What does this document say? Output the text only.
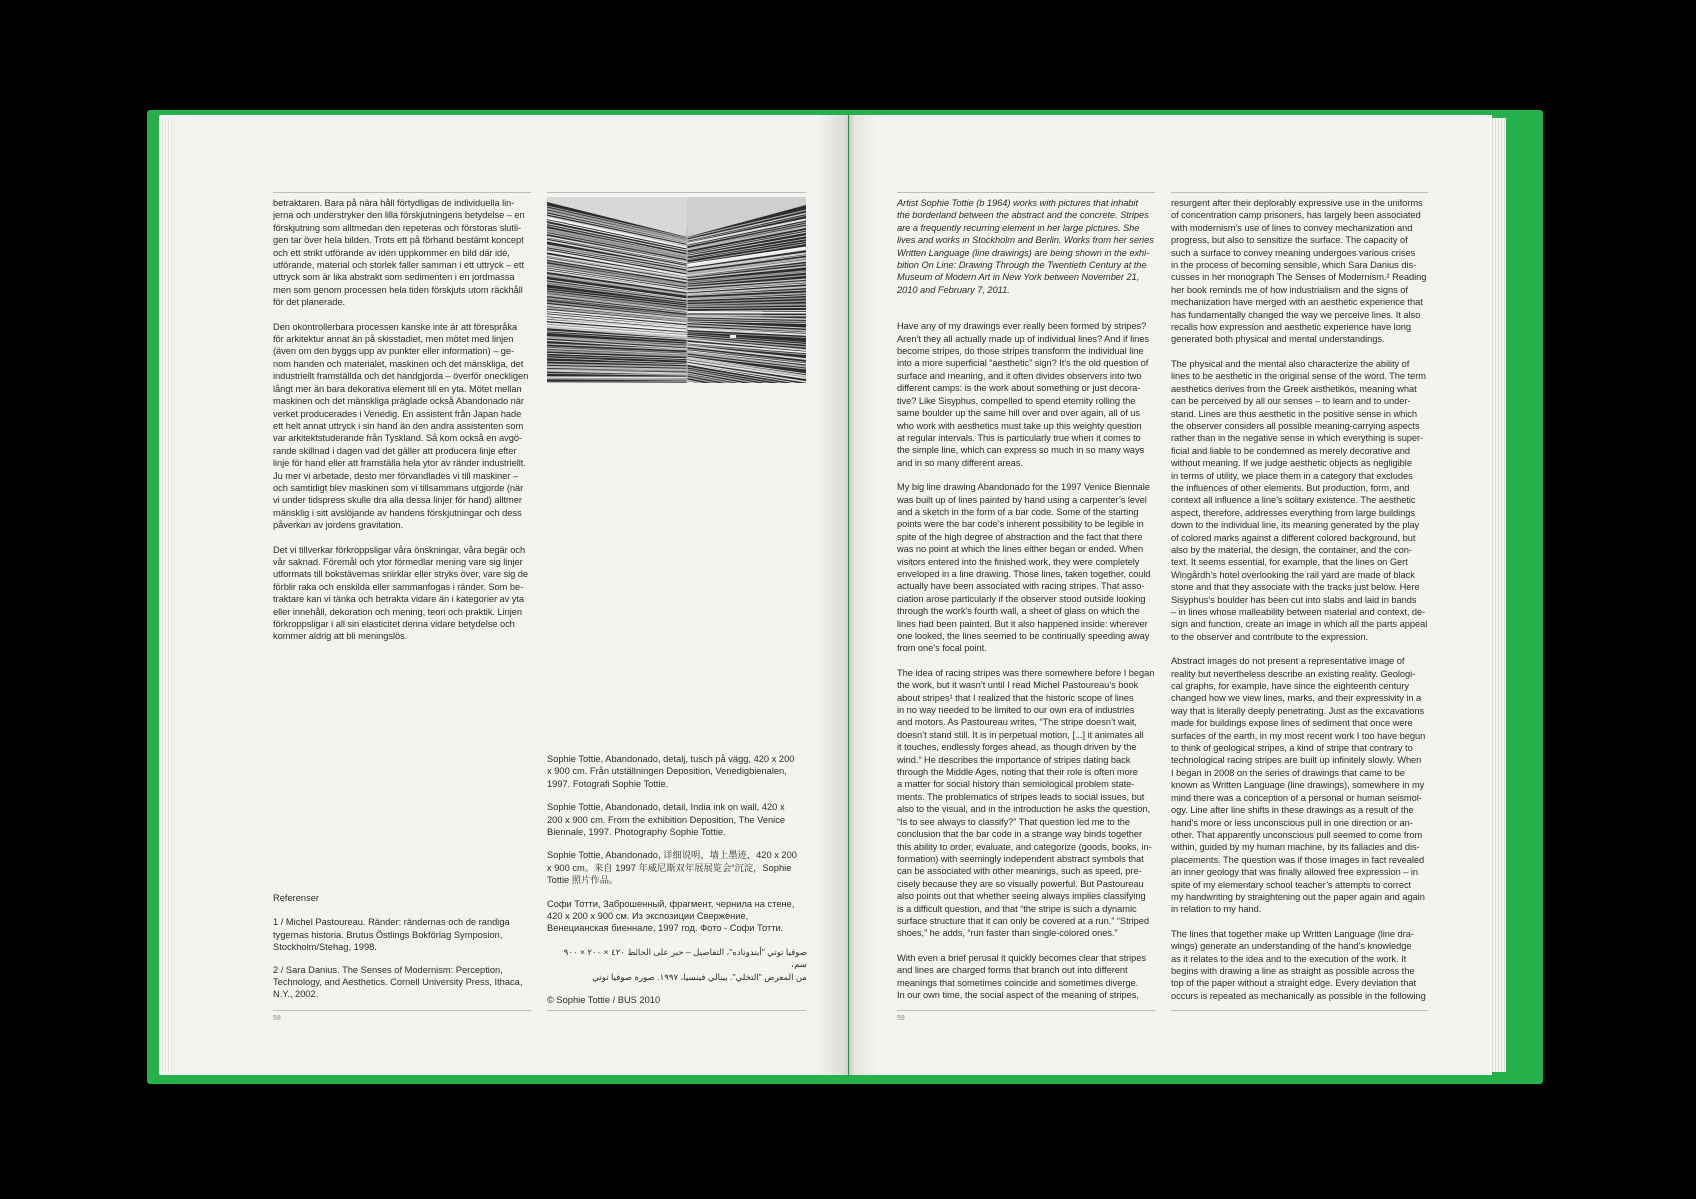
betraktaren. Bara på nära håll förtydligas de individuella lin-
jerna och understryker den lilla förskjutningens betydelse – en
förskjutning som alltmedan den repeteras och förstoras slutli-
gen tar över hela bilden. Trots ett på förhand bestämt koncept
och ett strikt utförande av idén uppkommer en bild där idé,
utförande, material och storlek faller samman i ett uttryck – ett
uttryck som är lika abstrakt som sedimenten i en jordmassa
men som genom processen hela tiden förskjuts utom räckhåll
för det planerade.

Den okontrollerbara processen kanske inte är att förespråka
för arkitektur annat än på skisstadiet, men mötet med linjen
(även om den byggs upp av punkter eller information) – ge-
nom handen och materialet, maskinen och det mänskliga, det
industriellt framställda och det handgjorda – överför oneckligen
långt mer än bara dekorativa element till en yta. Mötet mellan
maskinen och det mänskliga präglade också Abandonado när
verket producerades i Venedig. En assistent från Japan hade
ett helt annat uttryck i sin hand än den andra assistenten som
var arkitektstuderande från Tyskland. Så kom också en avgö-
rande skillnad i dagen vad det gäller att producera linje efter
linje för hand eller att framställa hela ytor av ränder industriellt.
Ju mer vi arbetade, desto mer förvandlades vi till maskiner –
och samtidigt blev maskinen som vi tillsammans utgjorde (när
vi under tidspress skulle dra alla dessa linjer för hand) alltmer
mänsklig i sitt avslöjande av handens förskjutningar och dess
påverkan av jordens gravitation.

Det vi tillverkar förkroppsligar våra önskningar, våra begär och
vår saknad. Föremål och ytor förmedlar mening vare sig linjer
utformats till bokstävernas snirklar eller stryks över, vare sig de
förblir raka och enskilda eller sammanfogas i ränder. Som be-
traktare kan vi tänka och betrakta vidare än i kategorier av yta
eller innehåll, dekoration och mening, teori och praktik. Linjen
förkroppsligar i all sin elasticitet denna vidare betydelse och
kommer aldrig att bli meningslös.

Sophie Tottie, Abandonado, detalj, tusch på vägg, 420 x 200
x 900 cm. Från utställningen Deposition, Venedigbienalen,
1997. Fotografi Sophie Tottie.

Sophie Tottie, Abandonado, detail, India ink on wall, 420 x
200 x 900 cm. From the exhibition Deposition, The Venice
Biennale, 1997. Photography Sophie Tottie.

Sophie Tottie, Abandonado, 详细说明，墙上墨迹，420 x 200
x 900 cm。来自 1997 年威尼斯双年展展览会“沉淀，Sophie
Tottie 照片作品。

Софи Тотти, Заброшенный, фрагмент, чернила на стене,
420 x 200 x 900 см. Из экспозиции Свержение,
Венецианская биеннале, 1997 год. Фото - Софи Тотти.

صوفيا توتي "أبندوناده"، التفاصيل – حبر على الحائط ٤٢٠ × ٢٠٠ × ٩٠٠ سم،
من المعرض "التخلي". بينالي فينسيا، ١٩٩٧. صورة صوفيا توتي

© Sophie Tottie / BUS 2010

Referenser

1 / Michel Pastoureau. Ränder: rändernas och de randiga
tygernas historia. Brutus Östlings Bokförlag Symposion,
Stockholm/Stehag, 1998.

2 / Sara Danius. The Senses of Modernism: Perception,
Technology, and Aesthetics. Cornell University Press, Ithaca,
N.Y., 2002.

58	59

Artist Sophie Tottie (b 1964) works with pictures that inhabit
the borderland between the abstract and the concrete. Stripes
are a frequently recurring element in her large pictures. She
lives and works in Stockholm and Berlin. Works from her series
Written Language (line drawings) are being shown in the exhi-
bition On Line: Drawing Through the Twentieth Century at the
Museum of Modern Art in New York between November 21,
2010 and February 7, 2011.

Have any of my drawings ever really been formed by stripes?
Aren’t they all actually made up of individual lines? And if lines
become stripes, do those stripes transform the individual line
into a more superficial “aesthetic” sign? It’s the old question of
surface and meaning, and it often divides observers into two
different camps: is the work about something or just decora-
tive? Like Sisyphus, compelled to spend eternity rolling the
same boulder up the same hill over and over again, all of us
who work with aesthetics must take up this weighty question
at regular intervals. This is particularly true when it comes to
the simple line, which can express so much in so many ways
and in so many different areas.

My big line drawing Abandonado for the 1997 Venice Biennale
was built up of lines painted by hand using a carpenter’s level
and a sketch in the form of a bar code. Some of the starting
points were the bar code’s inherent possibility to be legible in
spite of the high degree of abstraction and the fact that there
was no point at which the lines either began or ended. When
visitors entered into the finished work, they were completely
enveloped in a line drawing. Those lines, taken together, could
actually have been associated with racing stripes. That asso-
ciation arose particularly if the observer stood outside looking
through the work’s fourth wall, a sheet of glass on which the
lines had been painted. But it also happened inside: wherever
one looked, the lines seemed to be continually speeding away
from one’s focal point.

The idea of racing stripes was there somewhere before I began
the work, but it wasn’t until I read Michel Pastoureau’s book
about stripes¹ that I realized that the historic scope of lines
in no way needed to be limited to our own era of industries
and motors. As Pastoureau writes, “The stripe doesn’t wait,
doesn’t stand still. It is in perpetual motion, [...] it animates all
it touches, endlessly forges ahead, as though driven by the
wind.” He describes the importance of stripes dating back
through the Middle Ages, noting that their role is often more
a matter for social history than semiological problem state-
ments. The problematics of stripes leads to social issues, but
also to the visual, and in the introduction he asks the question,
“Is to see always to classify?” That question led me to the
conclusion that the bar code in a strange way binds together
this ability to order, evaluate, and categorize (goods, books, in-
formation) with seemingly independent abstract symbols that
can be associated with other meanings, such as speed, pre-
cisely because they are so visually powerful. But Pastoureau
also points out that whether seeing always implies classifying
is a difficult question, and that “the stripe is such a dynamic
surface structure that it can only be covered at a run.” “Striped
shoes,” he adds, “run faster than single-colored ones.”

With even a brief perusal it quickly becomes clear that stripes
and lines are charged forms that branch out into different
meanings that sometimes coincide and sometimes diverge.
In our own time, the social aspect of the meaning of stripes,

resurgent after their deplorably expressive use in the uniforms
of concentration camp prisoners, has largely been associated
with modernism’s use of lines to convey mechanization and
progress, but also to sensitize the surface. The capacity of
such a surface to convey meaning undergoes various crises
in the process of becoming sensible, which Sara Danius dis-
cusses in her monograph The Senses of Modernism.² Reading
her book reminds me of how industrialism and the signs of
mechanization have merged with an aesthetic experience that
has fundamentally changed the way we perceive lines. It also
recalls how expression and aesthetic experience have long
generated both physical and mental understandings.

The physical and the mental also characterize the ability of
lines to be aesthetic in the original sense of the word. The term
aesthetics derives from the Greek aisthetikós, meaning what
can be perceived by all our senses – to learn and to under-
stand. Lines are thus aesthetic in the positive sense in which
the observer considers all possible meaning-carrying aspects
rather than in the negative sense in which everything is super-
ficial and liable to be condemned as merely decorative and
without meaning. If we judge aesthetic objects as negligible
in terms of utility, we place them in a category that excludes
the influences of other elements. But production, form, and
context all influence a line’s solitary existence. The aesthetic
aspect, therefore, addresses everything from large buildings
down to the individual line, its meaning generated by the play
of colored marks against a different colored background, but
also by the material, the design, the container, and the con-
text. It seems essential, for example, that the lines on Gert
Wingårdh’s hotel overlooking the rail yard are made of black
stone and that they associate with the tracks just below. Here
Sisyphus’s boulder has been cut into slabs and laid in bands
– in lines whose malleability between material and context, de-
sign and function, create an image in which all the parts appeal
to the observer and contribute to the expression.

Abstract images do not present a representative image of
reality but nevertheless describe an existing reality. Geologi-
cal graphs, for example, have since the eighteenth century
changed how we view lines, marks, and their expressivity in a
way that is literally deeply penetrating. Just as the excavations
made for buildings expose lines of sediment that once were
surfaces of the earth, in my most recent work I too have begun
to think of geological stripes, a kind of stripe that contrary to
technological racing stripes are built up infinitely slowly. When
I began in 2008 on the series of drawings that came to be
known as Written Language (line drawings), somewhere in my
mind there was a conception of a personal or human seismol-
ogy. Line after line shifts in these drawings as a result of the
hand’s more or less unconscious pull in one direction or an-
other. That apparently unconscious pull seemed to come from
within, guided by my human machine, by its fallacies and dis-
placements. The question was if those images in fact revealed
an inner geology that was finally allowed free expression – in
spite of my elementary school teacher’s attempts to correct
my handwriting by straightening out the paper again and again
in relation to my hand.

The lines that together make up Written Language (line dra-
wings) generate an understanding of the hand’s knowledge
as it relates to the idea and to the execution of the work. It
begins with drawing a line as straight as possible across the
top of the paper without a straight edge. Every deviation that
occurs is repeated as mechanically as possible in the following
